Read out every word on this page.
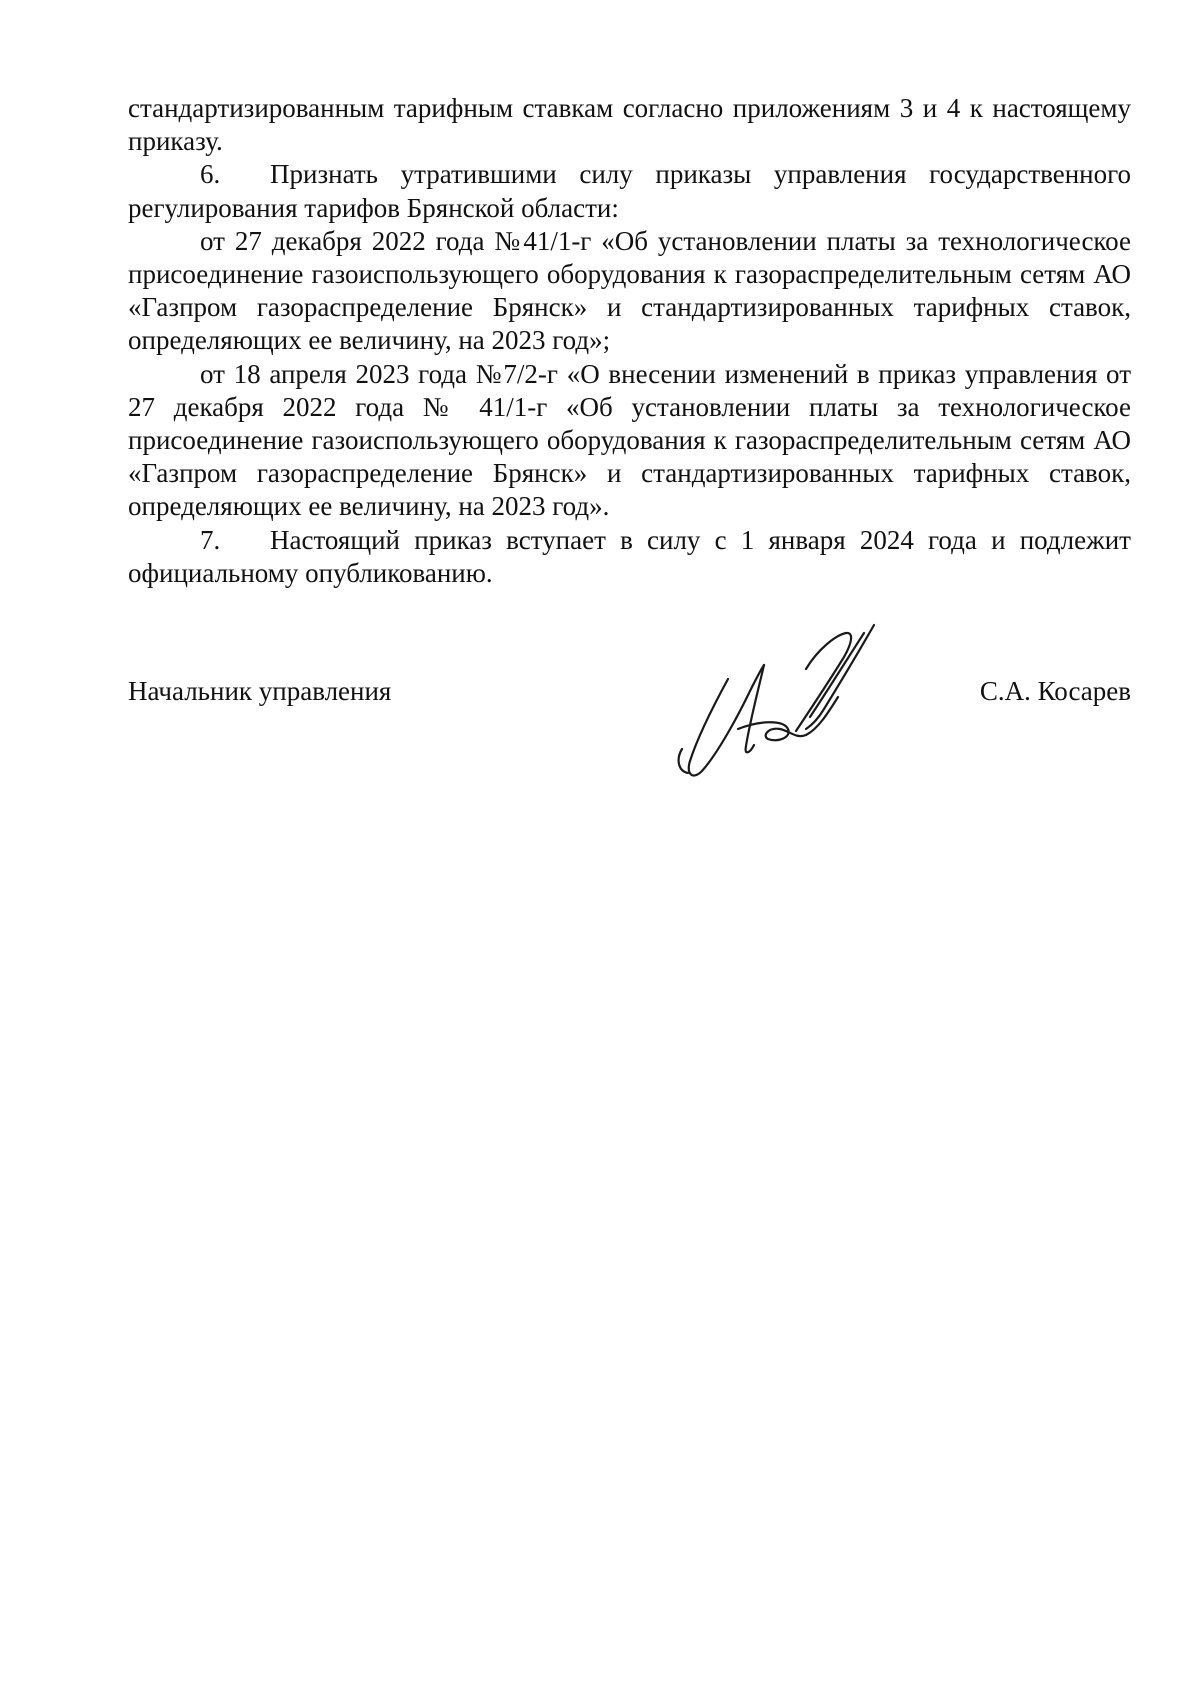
стандартизированным тарифным ставкам согласно приложениям 3 и 4 к настоящему приказу.

6. Признать утратившими силу приказы управления государственного регулирования тарифов Брянской области:

от 27 декабря 2022 года №41/1-г «Об установлении платы за технологическое присоединение газоиспользующего оборудования к газораспределительным сетям АО «Газпром газораспределение Брянск» и стандартизированных тарифных ставок, определяющих ее величину, на 2023 год»;

от 18 апреля 2023 года №7/2-г «О внесении изменений в приказ управления от 27 декабря 2022 года № 41/1-г «Об установлении платы за технологическое присоединение газоиспользующего оборудования к газораспределительным сетям АО «Газпром газораспределение Брянск» и стандартизированных тарифных ставок, определяющих ее величину, на 2023 год».

7. Настоящий приказ вступает в силу с 1 января 2024 года и подлежит официальному опубликованию.

Начальник управления	С.А. Косарев
